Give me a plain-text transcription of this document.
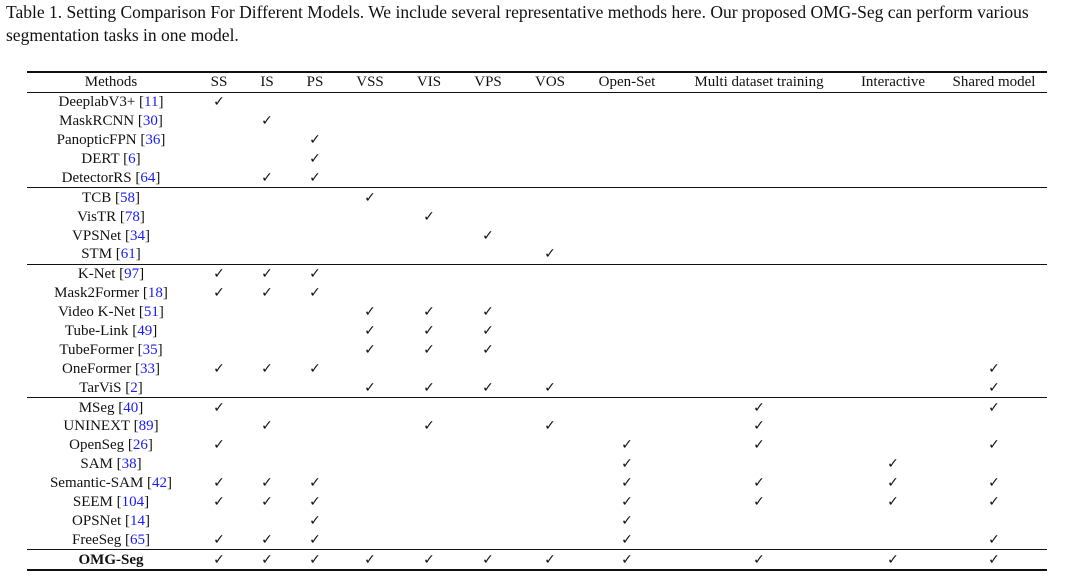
Table 1. Setting Comparison For Different Models. We include several representative methods here. Our proposed OMG-Seg can perform various segmentation tasks in one model.
Methods	SS	IS	PS	VSS	VIS	VPS	VOS	Open-Set	Multi dataset training	Interactive	Shared model
DeeplabV3+ [11]	✓										
MaskRCNN [30]		✓									
PanopticFPN [36]			✓								
DERT [6]			✓								
DetectorRS [64]		✓	✓								
TCB [58]				✓							
VisTR [78]					✓						
VPSNet [34]						✓					
STM [61]							✓				
K-Net [97]	✓	✓	✓								
Mask2Former [18]	✓	✓	✓								
Video K-Net [51]				✓	✓	✓					
Tube-Link [49]				✓	✓	✓					
TubeFormer [35]				✓	✓	✓					
OneFormer [33]	✓	✓	✓								✓
TarViS [2]				✓	✓	✓	✓				✓
MSeg [40]	✓								✓		✓
UNINEXT [89]		✓			✓		✓		✓		
OpenSeg [26]	✓							✓	✓		✓
SAM [38]								✓		✓	
Semantic-SAM [42]	✓	✓	✓					✓	✓	✓	✓
SEEM [104]	✓	✓	✓					✓	✓	✓	✓
OPSNet [14]			✓					✓			
FreeSeg [65]	✓	✓	✓					✓			✓
OMG-Seg	✓	✓	✓	✓	✓	✓	✓	✓	✓	✓	✓
